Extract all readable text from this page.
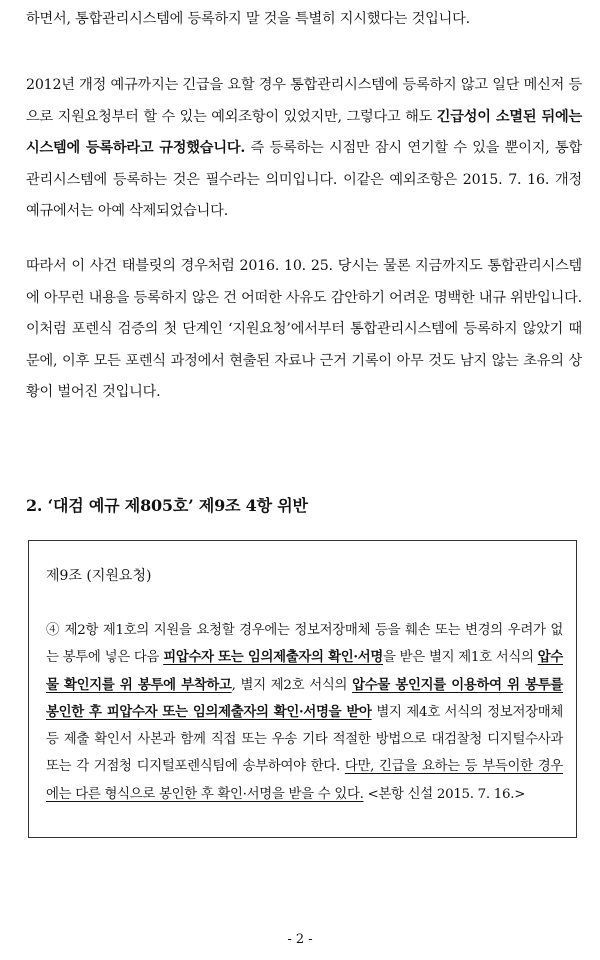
하면서, 통합관리시스템에 등록하지 말 것을 특별히 지시했다는 것입니다.
2012년 개정 예규까지는 긴급을 요할 경우 통합관리시스템에 등록하지 않고 일단 메신저 등으로 지원요청부터 할 수 있는 예외조항이 있었지만, 그렇다고 해도 긴급성이 소멸된 뒤에는 시스템에 등록하라고 규정했습니다. 즉 등록하는 시점만 잠시 연기할 수 있을 뿐이지, 통합관리시스템에 등록하는 것은 필수라는 의미입니다. 이같은 예외조항은 2015. 7. 16. 개정 예규에서는 아예 삭제되었습니다.
따라서 이 사건 태블릿의 경우처럼 2016. 10. 25. 당시는 물론 지금까지도 통합관리시스템에 아무런 내용을 등록하지 않은 건 어떠한 사유도 감안하기 어려운 명백한 내규 위반입니다. 이처럼 포렌식 검증의 첫 단계인 ‘지원요청’에서부터 통합관리시스템에 등록하지 않았기 때문에, 이후 모든 포렌식 과정에서 현출된 자료나 근거 기록이 아무 것도 남지 않는 초유의 상황이 벌어진 것입니다.
2. ‘대검 예규 제805호’ 제9조 4항 위반
제9조 (지원요청)
④ 제2항 제1호의 지원을 요청할 경우에는 정보저장매체 등을 훼손 또는 변경의 우려가 없는 봉투에 넣은 다음 피압수자 또는 임의제출자의 확인·서명을 받은 별지 제1호 서식의 압수물 확인지를 위 봉투에 부착하고, 별지 제2호 서식의 압수물 봉인지를 이용하여 위 봉투를 봉인한 후 피압수자 또는 임의제출자의 확인·서명을 받아 별지 제4호 서식의 정보저장매체 등 제출 확인서 사본과 함께 직접 또는 우송 기타 적절한 방법으로 대검찰청 디지털수사과 또는 각 거점청 디지털포렌식팀에 송부하여야 한다. 다만, 긴급을 요하는 등 부득이한 경우에는 다른 형식으로 봉인한 후 확인·서명을 받을 수 있다. <본항 신설 2015. 7. 16.>
- 2 -
